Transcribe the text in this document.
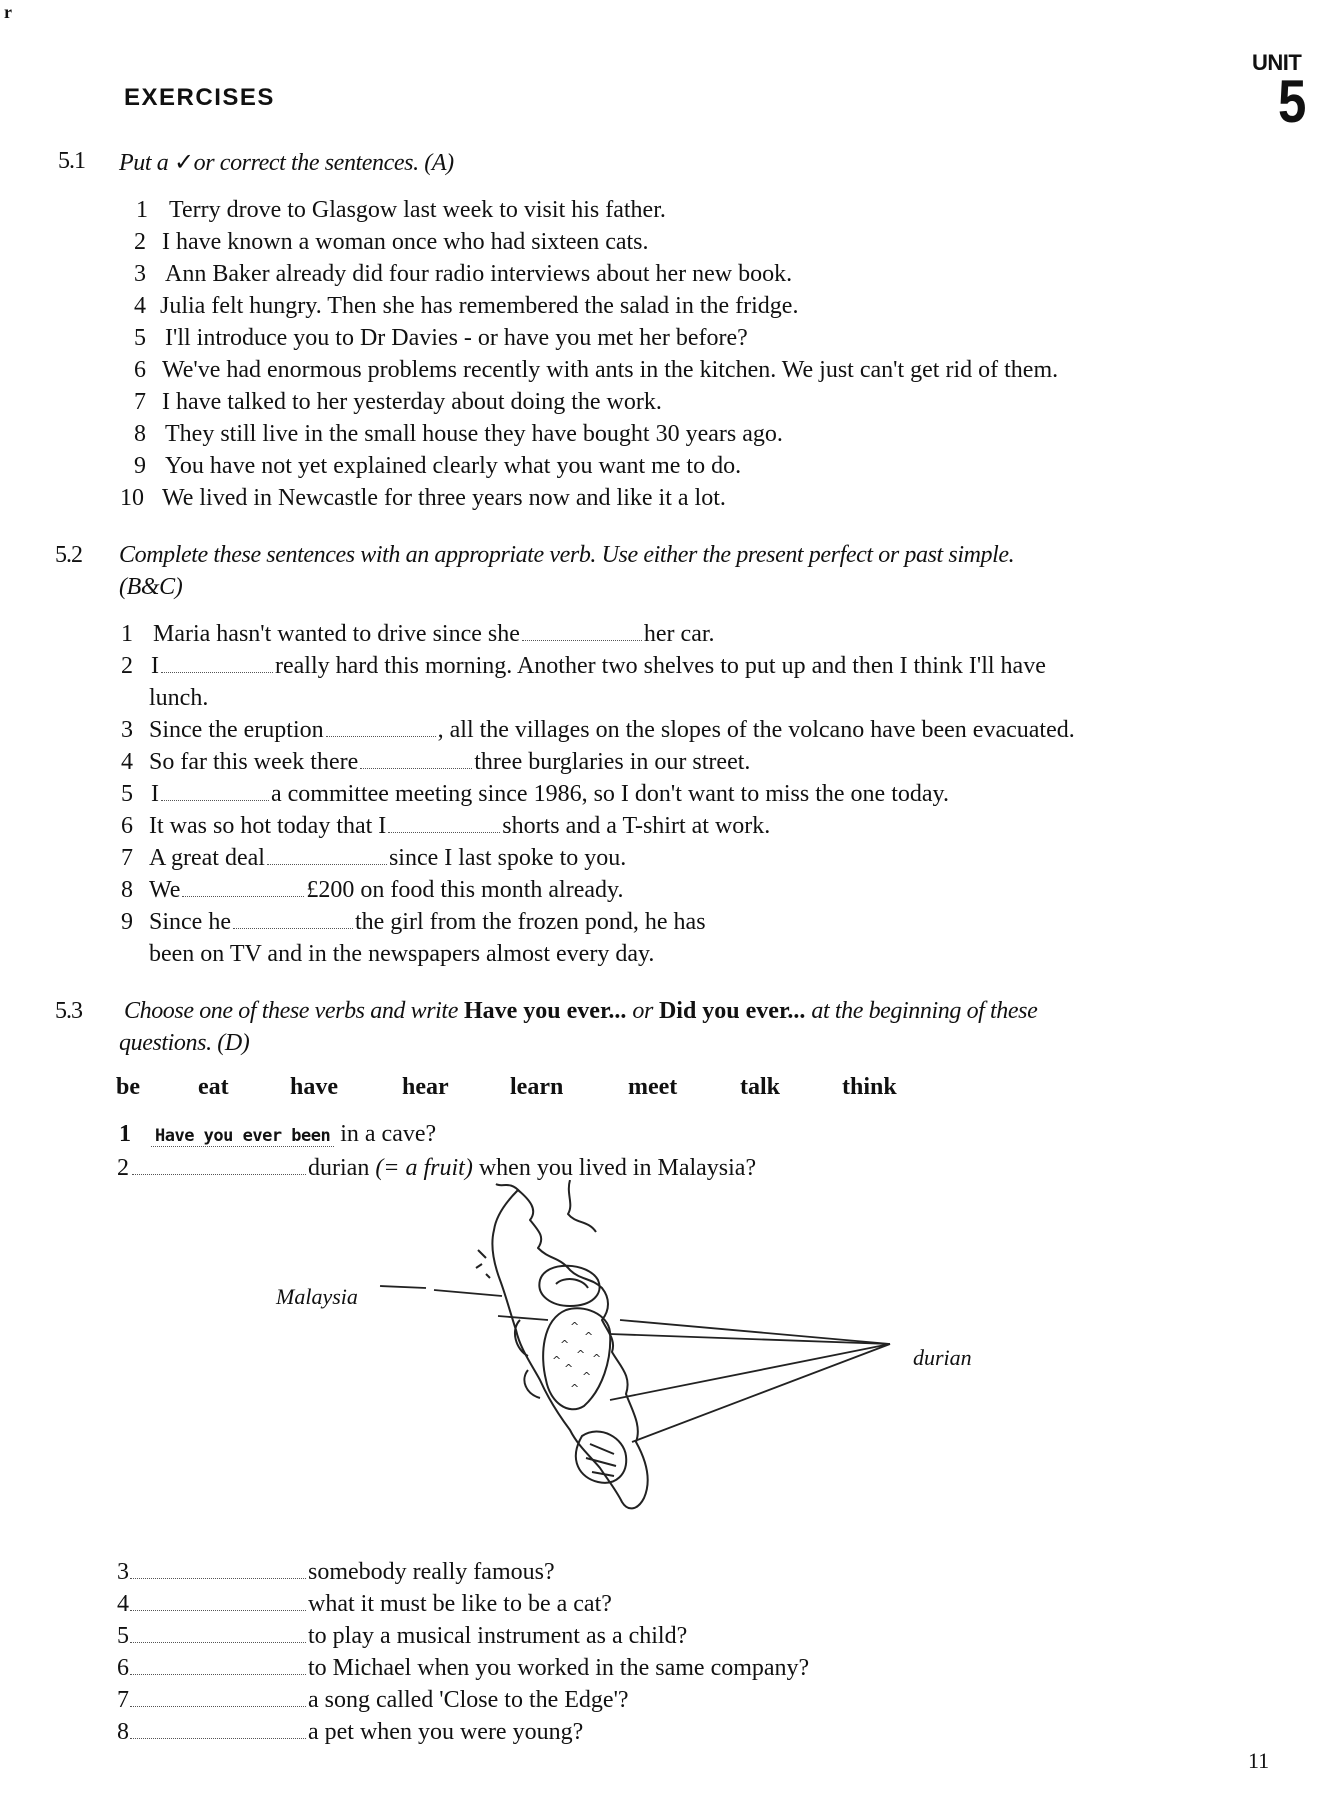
r
UNIT
5
EXERCISES
5.1 Put a ✓or correct the sentences. (A)
1 Terry drove to Glasgow last week to visit his father.
2 I have known a woman once who had sixteen cats.
3 Ann Baker already did four radio interviews about her new book.
4 Julia felt hungry. Then she has remembered the salad in the fridge.
5 I'll introduce you to Dr Davies - or have you met her before?
6 We've had enormous problems recently with ants in the kitchen. We just can't get rid of them.
7 I have talked to her yesterday about doing the work.
8 They still live in the small house they have bought 30 years ago.
9 You have not yet explained clearly what you want me to do.
10 We lived in Newcastle for three years now and like it a lot.
5.2 Complete these sentences with an appropriate verb. Use either the present perfect or past simple.
(B&C)
1 Maria hasn't wanted to drive since she	her car.
2 I	really hard this morning. Another two shelves to put up and then I think I'll have
lunch.
3 Since the eruption	, all the villages on the slopes of the volcano have been evacuated.
4 So far this week there	three burglaries in our street.
5 I	a committee meeting since 1986, so I don't want to miss the one today.
6 It was so hot today that I	shorts and a T-shirt at work.
7 A great deal	since I last spoke to you.
8 We	£200 on food this month already.
9 Since he	the girl from the frozen pond, he has
been on TV and in the newspapers almost every day.
5.3 Choose one of these verbs and write Have you ever... or Did you ever... at the beginning of these
questions. (D)
be	eat	have	hear	learn	meet	talk	think
1 Have you ever been in a cave?
2	durian (= a fruit) when you lived in Malaysia?
Malaysia
durian
^
^
^
^ ^
^
^
^
^
3	somebody really famous?
4	what it must be like to be a cat?
5	to play a musical instrument as a child?
6	to Michael when you worked in the same company?
7	a song called 'Close to the Edge'?
8	a pet when you were young?
11
